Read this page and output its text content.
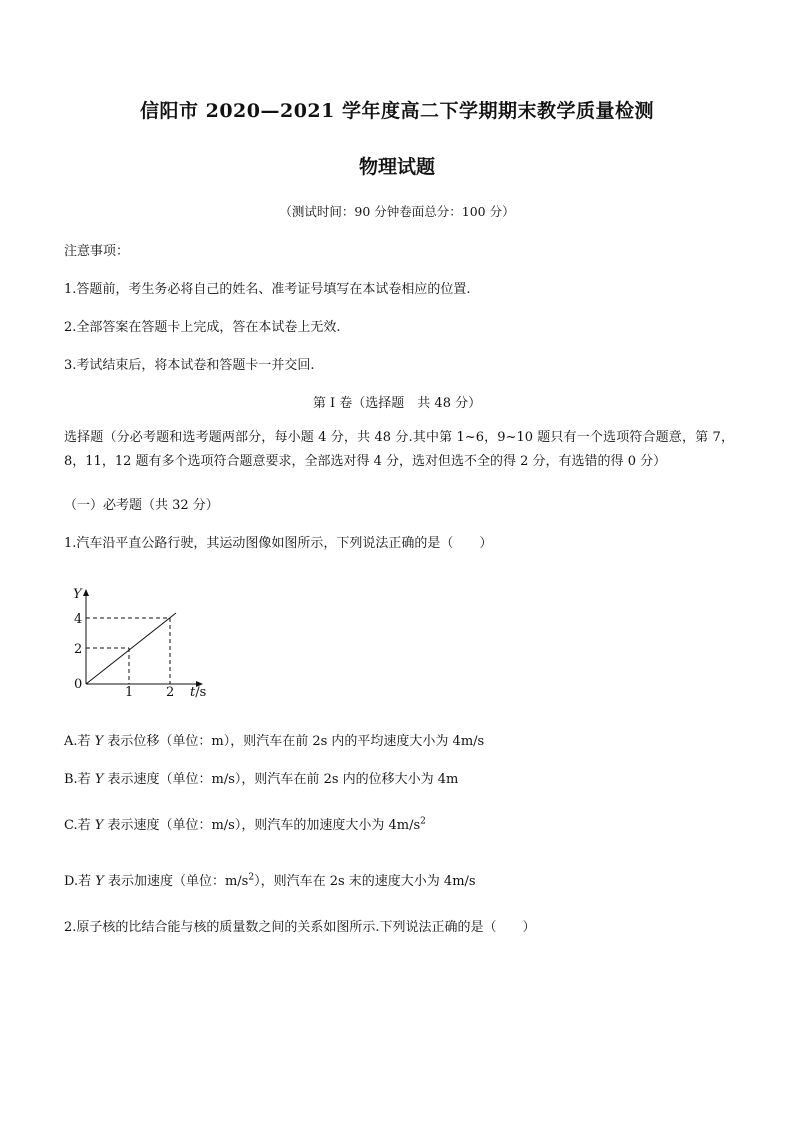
信阳市 2020—2021 学年度高二下学期期末教学质量检测
物理试题
（测试时间：90 分钟卷面总分：100 分）
注意事项：
1.答题前，考生务必将自己的姓名、准考证号填写在本试卷相应的位置.
2.全部答案在答题卡上完成，答在本试卷上无效.
3.考试结束后，将本试卷和答题卡一并交回.
第 I 卷（选择题　共 48 分）
选择题（分必考题和选考题两部分，每小题 4 分，共 48 分.其中第 1~6，9~10 题只有一个选项符合题意，第 7，8，11，12 题有多个选项符合题意要求，全部选对得 4 分，选对但选不全的得 2 分，有选错的得 0 分）
（一）必考题（共 32 分）
1.汽车沿平直公路行驶，其运动图像如图所示，下列说法正确的是（　　）
Y
4
2
0
1	2 t/s
A.若 Y 表示位移（单位：m），则汽车在前 2s 内的平均速度大小为 4m/s
B.若 Y 表示速度（单位：m/s），则汽车在前 2s 内的位移大小为 4m
C.若 Y 表示速度（单位：m/s），则汽车的加速度大小为 $4m/s^2$
D.若 Y 表示加速度（单位：$m/s^2$），则汽车在 2s 末的速度大小为 4m/s
2.原子核的比结合能与核的质量数之间的关系如图所示.下列说法正确的是（　　）
